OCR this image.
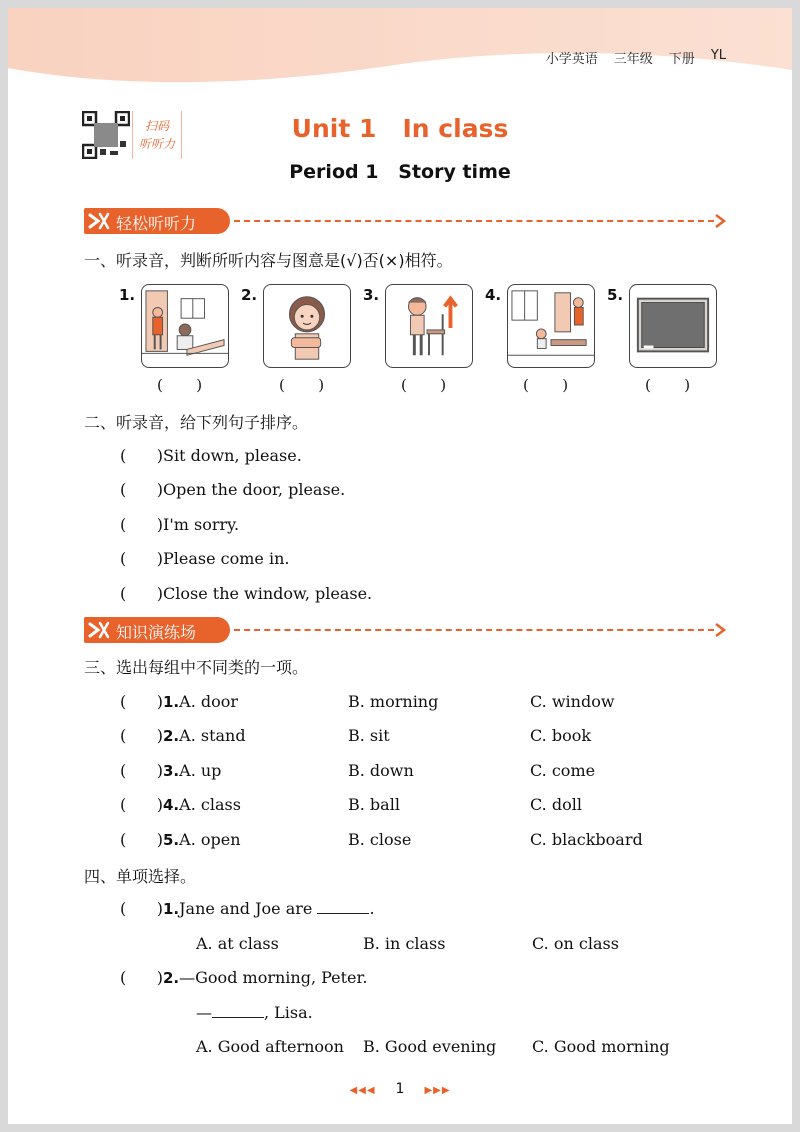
小学英语 三年级 下册 YL
扫码
听听力
Unit 1   In class
Period 1   Story time
轻松听听力
一、听录音，判断所听内容与图意是(√)否(×)相符。
1.
(       )
2.
(       )
3.
(       )
4.
(       )
5.
(       )
二、听录音，给下列句子排序。
(      )Sit down, please.
(      )Open the door, please.
(      )I'm sorry.
(      )Please come in.
(      )Close the window, please.
知识演练场
三、选出每组中不同类的一项。
(      )1.A. door	B. morning	C. window
(      )2.A. stand	B. sit	C. book
(      )3.A. up	B. down	C. come
(      )4.A. class	B. ball	C. doll
(      )5.A. open	B. close	C. blackboard
四、单项选择。
(      )1.Jane and Joe are	.
A. at class	B. in class	C. on class
(      )2.—Good morning, Peter.
—	, Lisa.
A. Good afternoon B. Good evening C. Good morning
◀◀◀ 1 ▶▶▶
